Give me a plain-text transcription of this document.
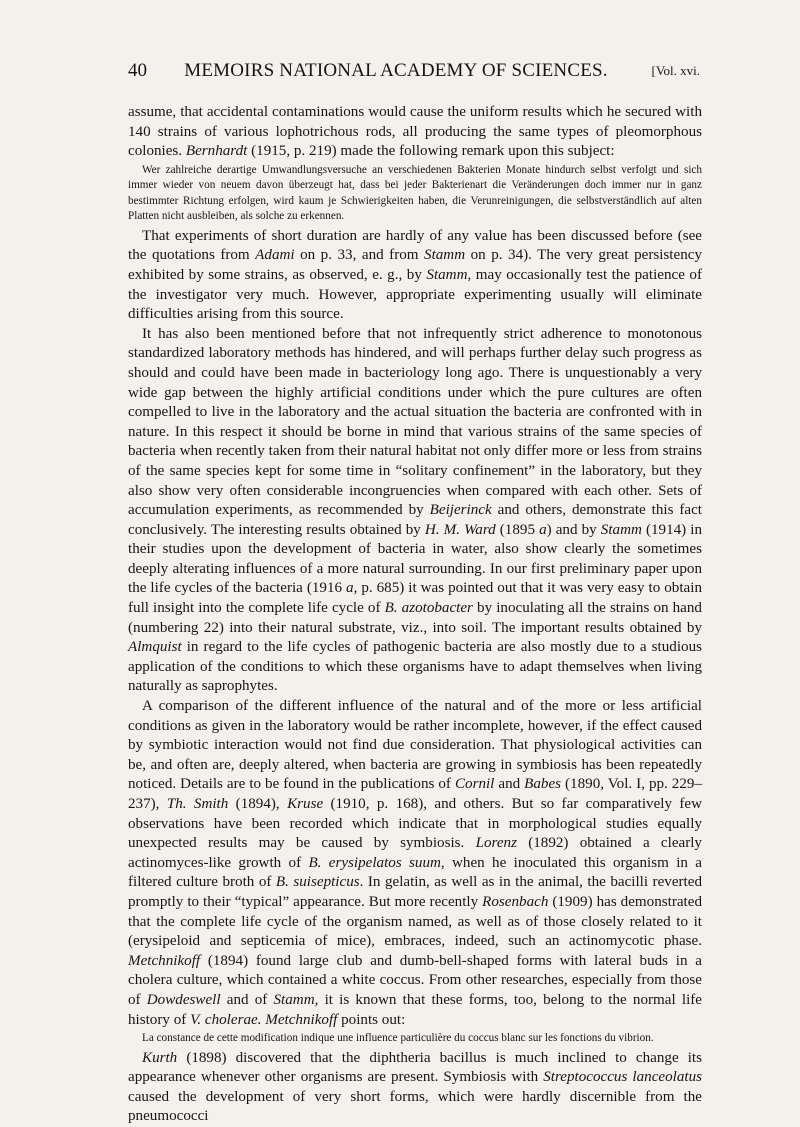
40	MEMOIRS NATIONAL ACADEMY OF SCIENCES.	[Vol. xvi.

assume, that accidental contaminations would cause the uniform results which he secured with 140 strains of various lophotrichous rods, all producing the same types of pleomorphous colonies. Bernhardt (1915, p. 219) made the following remark upon this subject:

Wer zahlreiche derartige Umwandlungsversuche an verschiedenen Bakterien Monate hindurch selbst verfolgt und sich immer wieder von neuem davon überzeugt hat, dass bei jeder Bakterienart die Veränderungen doch immer nur in ganz bestimmter Richtung erfolgen, wird kaum je Schwierigkeiten haben, die Verunreinigungen, die selbstverständlich auf alten Platten nicht ausbleiben, als solche zu erkennen.

That experiments of short duration are hardly of any value has been discussed before (see the quotations from Adami on p. 33, and from Stamm on p. 34). The very great persistency exhibited by some strains, as observed, e. g., by Stamm, may occasionally test the patience of the investigator very much. However, appropriate experimenting usually will eliminate difficulties arising from this source.

It has also been mentioned before that not infrequently strict adherence to monotonous standardized laboratory methods has hindered, and will perhaps further delay such progress as should and could have been made in bacteriology long ago. There is unquestionably a very wide gap between the highly artificial conditions under which the pure cultures are often compelled to live in the laboratory and the actual situation the bacteria are confronted with in nature. In this respect it should be borne in mind that various strains of the same species of bacteria when recently taken from their natural habitat not only differ more or less from strains of the same species kept for some time in “solitary confinement” in the laboratory, but they also show very often considerable incongruencies when compared with each other. Sets of accumulation experiments, as recommended by Beijerinck and others, demonstrate this fact conclusively. The interesting results obtained by H. M. Ward (1895 a) and by Stamm (1914) in their studies upon the development of bacteria in water, also show clearly the sometimes deeply alterating influences of a more natural surrounding. In our first preliminary paper upon the life cycles of the bacteria (1916 a, p. 685) it was pointed out that it was very easy to obtain full insight into the complete life cycle of B. azotobacter by inoculating all the strains on hand (numbering 22) into their natural substrate, viz., into soil. The important results obtained by Almquist in regard to the life cycles of pathogenic bacteria are also mostly due to a studious application of the conditions to which these organisms have to adapt themselves when living naturally as saprophytes.

A comparison of the different influence of the natural and of the more or less artificial conditions as given in the laboratory would be rather incomplete, however, if the effect caused by symbiotic interaction would not find due consideration. That physiological activities can be, and often are, deeply altered, when bacteria are growing in symbiosis has been repeatedly noticed. Details are to be found in the publications of Cornil and Babes (1890, Vol. I, pp. 229–237), Th. Smith (1894), Kruse (1910, p. 168), and others. But so far comparatively few observations have been recorded which indicate that in morphological studies equally unexpected results may be caused by symbiosis. Lorenz (1892) obtained a clearly actinomyces-like growth of B. erysipelatos suum, when he inoculated this organism in a filtered culture broth of B. suisepticus. In gelatin, as well as in the animal, the bacilli reverted promptly to their “typical” appearance. But more recently Rosenbach (1909) has demonstrated that the complete life cycle of the organism named, as well as of those closely related to it (erysipeloid and septicemia of mice), embraces, indeed, such an actinomycotic phase. Metchnikoff (1894) found large club and dumb-bell-shaped forms with lateral buds in a cholera culture, which contained a white coccus. From other researches, especially from those of Dowdeswell and of Stamm, it is known that these forms, too, belong to the normal life history of V. cholerae. Metchnikoff points out:

La constance de cette modification indique une influence particulière du coccus blanc sur les fonctions du vibrion.

Kurth (1898) discovered that the diphtheria bacillus is much inclined to change its appearance whenever other organisms are present. Symbiosis with Streptococcus lanceolatus caused the development of very short forms, which were hardly discernible from the pneumococci
